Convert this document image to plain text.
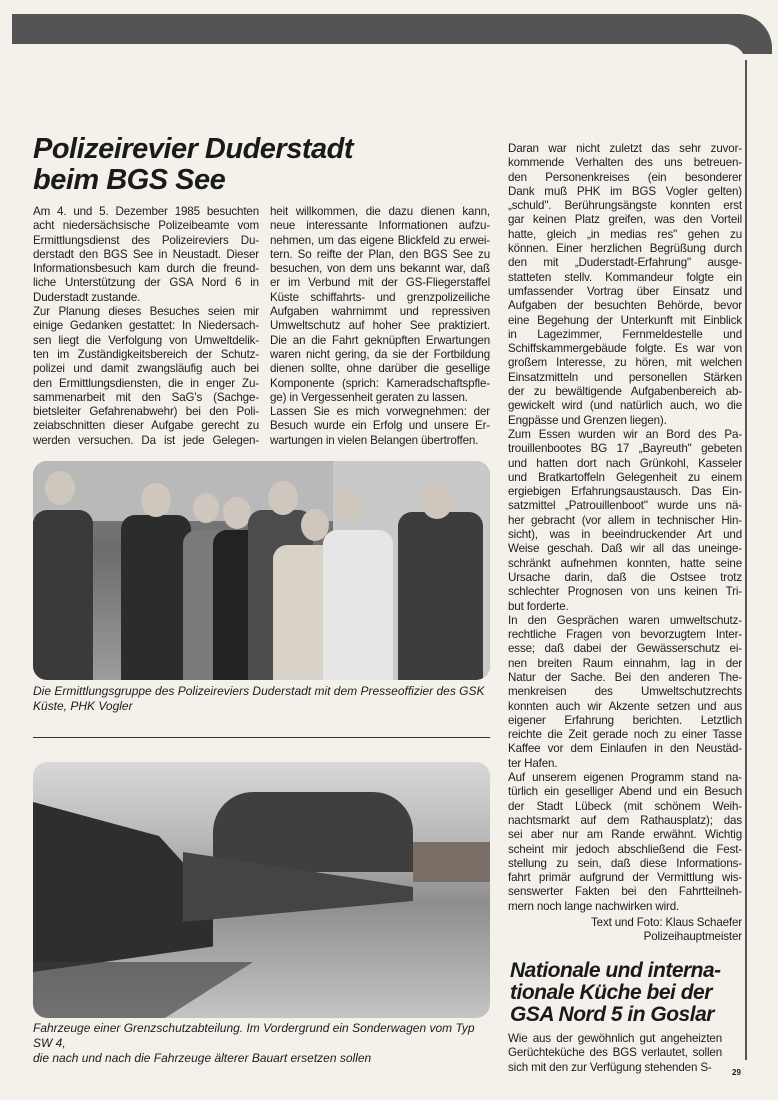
Polizeirevier Duderstadt
beim BGS See
Am 4. und 5. Dezember 1985 besuchten
acht niedersächsische Polizeibeamte vom
Ermittlungsdienst des Polizeireviers Du-
derstadt den BGS See in Neustadt. Dieser
Informationsbesuch kam durch die freund-
liche Unterstützung der GSA Nord 6 in
Duderstadt zustande.
Zur Planung dieses Besuches seien mir
einige Gedanken gestattet: In Niedersach-
sen liegt die Verfolgung von Umweltdelik-
ten im Zuständigkeitsbereich der Schutz-
polizei und damit zwangsläufig auch bei
den Ermittlungsdiensten, die in enger Zu-
sammenarbeit mit den SaG's (Sachge-
bietsleiter Gefahrenabwehr) bei den Poli-
zeiabschnitten dieser Aufgabe gerecht zu
werden versuchen. Da ist jede Gelegen-
heit willkommen, die dazu dienen kann,
neue interessante Informationen aufzu-
nehmen, um das eigene Blickfeld zu erwei-
tern. So reifte der Plan, den BGS See zu
besuchen, von dem uns bekannt war, daß
er im Verbund mit der GS-Fliegerstaffel
Küste schiffahrts- und grenzpolizeiliche
Aufgaben wahrnimmt und repressiven
Umweltschutz auf hoher See praktiziert.
Die an die Fahrt geknüpften Erwartungen
waren nicht gering, da sie der Fortbildung
dienen sollte, ohne darüber die gesellige
Komponente (sprich: Kameradschaftspfle-
ge) in Vergessenheit geraten zu lassen.
Lassen Sie es mich vorwegnehmen: der
Besuch wurde ein Erfolg und unsere Er-
wartungen in vielen Belangen übertroffen.
Daran war nicht zuletzt das sehr zuvor-
kommende Verhalten des uns betreuen-
den Personenkreises (ein besonderer
Dank muß PHK im BGS Vogler gelten)
„schuld". Berührungsängste konnten erst
gar keinen Platz greifen, was den Vorteil
hatte, gleich „in medias res" gehen zu
können. Einer herzlichen Begrüßung durch
den mit „Duderstadt-Erfahrung" ausge-
statteten stellv. Kommandeur folgte ein
umfassender Vortrag über Einsatz und
Aufgaben der besuchten Behörde, bevor
eine Begehung der Unterkunft mit Einblick
in Lagezimmer, Fernmeldestelle und
Schiffskammergebäude folgte. Es war von
großem Interesse, zu hören, mit welchen
Einsatzmitteln und personellen Stärken
der zu bewältigende Aufgabenbereich ab-
gewickelt wird (und natürlich auch, wo die
Engpässe und Grenzen liegen).
Zum Essen wurden wir an Bord des Pa-
trouillenbootes BG 17 „Bayreuth" gebeten
und hatten dort nach Grünkohl, Kasseler
und Bratkartoffeln Gelegenheit zu einem
ergiebigen Erfahrungsaustausch. Das Ein-
satzmittel „Patrouillenboot" wurde uns nä-
her gebracht (vor allem in technischer Hin-
sicht), was in beeindruckender Art und
Weise geschah. Daß wir all das uneinge-
schränkt aufnehmen konnten, hatte seine
Ursache darin, daß die Ostsee trotz
schlechter Prognosen von uns keinen Tri-
but forderte.
In den Gesprächen waren umweltschutz-
rechtliche Fragen von bevorzugtem Inter-
esse; daß dabei der Gewässerschutz ei-
nen breiten Raum einnahm, lag in der
Natur der Sache. Bei den anderen The-
menkreisen des Umweltschutzrechts
konnten auch wir Akzente setzen und aus
eigener Erfahrung berichten. Letztlich
reichte die Zeit gerade noch zu einer Tasse
Kaffee vor dem Einlaufen in den Neustäd-
ter Hafen.
Auf unserem eigenen Programm stand na-
türlich ein geselliger Abend und ein Besuch
der Stadt Lübeck (mit schönem Weih-
nachtsmarkt auf dem Rathausplatz); das
sei aber nur am Rande erwähnt. Wichtig
scheint mir jedoch abschließend die Fest-
stellung zu sein, daß diese Informations-
fahrt primär aufgrund der Vermittlung wis-
senswerter Fakten bei den Fahrtteilneh-
mern noch lange nachwirken wird.
Text und Foto: Klaus Schaefer
Polizeihauptmeister
Die Ermittlungsgruppe des Polizeireviers Duderstadt mit dem Presseoffizier des GSK
Küste, PHK Vogler
Fahrzeuge einer Grenzschutzabteilung. Im Vordergrund ein Sonderwagen vom Typ SW 4,
die nach und nach die Fahrzeuge älterer Bauart ersetzen sollen
Nationale und interna-
tionale Küche bei der
GSA Nord 5 in Goslar
Wie aus der gewöhnlich gut angeheizten
Gerüchteküche des BGS verlautet, sollen
sich mit den zur Verfügung stehenden S-	29
